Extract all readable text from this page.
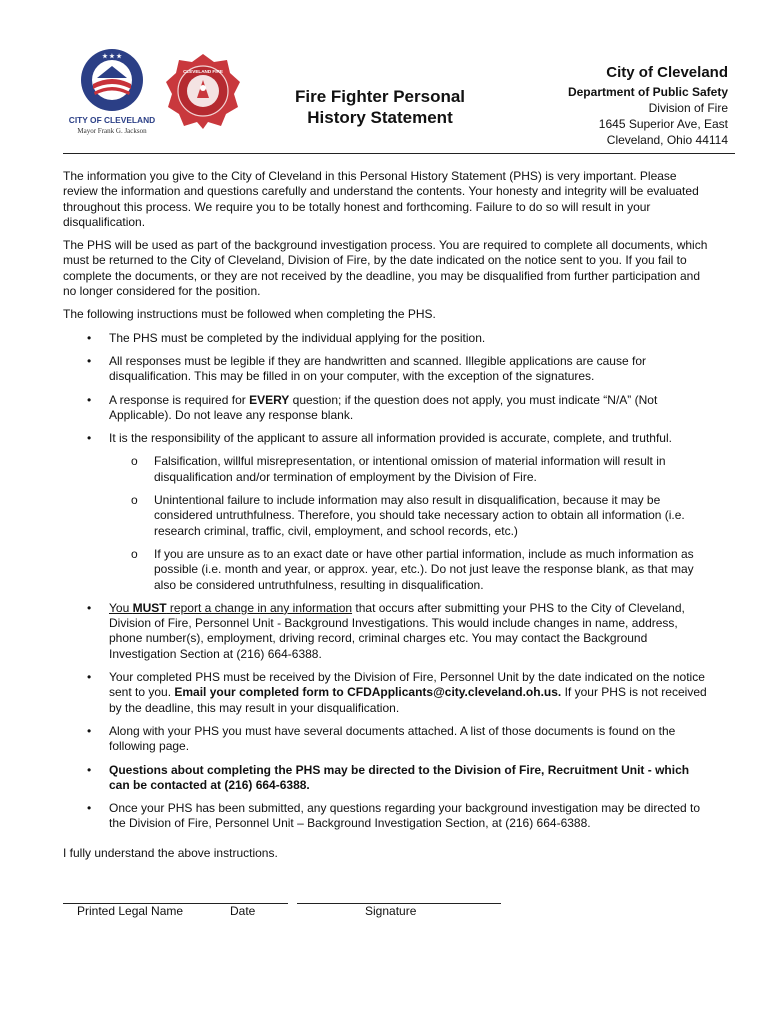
★ ★ ★
CITY OF CLEVELAND
Mayor Frank G. Jackson
CLEVELAND FIRE
Fire Fighter Personal
History Statement
City of Cleveland
Department of Public Safety
Division of Fire
1645 Superior Ave, East
Cleveland, Ohio 44114

The information you give to the City of Cleveland in this Personal History Statement (PHS) is very important. Please review the information and questions carefully and understand the contents. Your honesty and integrity will be evaluated throughout this process. We require you to be totally honest and forthcoming. Failure to do so will result in your disqualification.

The PHS will be used as part of the background investigation process. You are required to complete all documents, which must be returned to the City of Cleveland, Division of Fire, by the date indicated on the notice sent to you. If you fail to complete the documents, or they are not received by the deadline, you may be disqualified from further participation and no longer considered for the position.

The following instructions must be followed when completing the PHS.

• The PHS must be completed by the individual applying for the position.
• All responses must be legible if they are handwritten and scanned. Illegible applications are cause for disqualification. This may be filled in on your computer, with the exception of the signatures.
• A response is required for EVERY question; if the question does not apply, you must indicate “N/A” (Not Applicable). Do not leave any response blank.
• It is the responsibility of the applicant to assure all information provided is accurate, complete, and truthful.
o Falsification, willful misrepresentation, or intentional omission of material information will result in disqualification and/or termination of employment by the Division of Fire.
o Unintentional failure to include information may also result in disqualification, because it may be considered untruthfulness. Therefore, you should take necessary action to obtain all information (i.e. research criminal, traffic, civil, employment, and school records, etc.)
o If you are unsure as to an exact date or have other partial information, include as much information as possible (i.e. month and year, or approx. year, etc.). Do not just leave the response blank, as that may also be considered untruthfulness, resulting in disqualification.
• You MUST report a change in any information that occurs after submitting your PHS to the City of Cleveland, Division of Fire, Personnel Unit - Background Investigations. This would include changes in name, address, phone number(s), employment, driving record, criminal charges etc. You may contact the Background Investigation Section at (216) 664-6388.
• Your completed PHS must be received by the Division of Fire, Personnel Unit by the date indicated on the notice sent to you. Email your completed form to CFDApplicants@city.cleveland.oh.us. If your PHS is not received by the deadline, this may result in your disqualification.
• Along with your PHS you must have several documents attached. A list of those documents is found on the following page.
• Questions about completing the PHS may be directed to the Division of Fire, Recruitment Unit - which can be contacted at (216) 664-6388.
• Once your PHS has been submitted, any questions regarding your background investigation may be directed to the Division of Fire, Personnel Unit – Background Investigation Section, at (216) 664-6388.

I fully understand the above instructions.

Printed Legal Name	Date	Signature
